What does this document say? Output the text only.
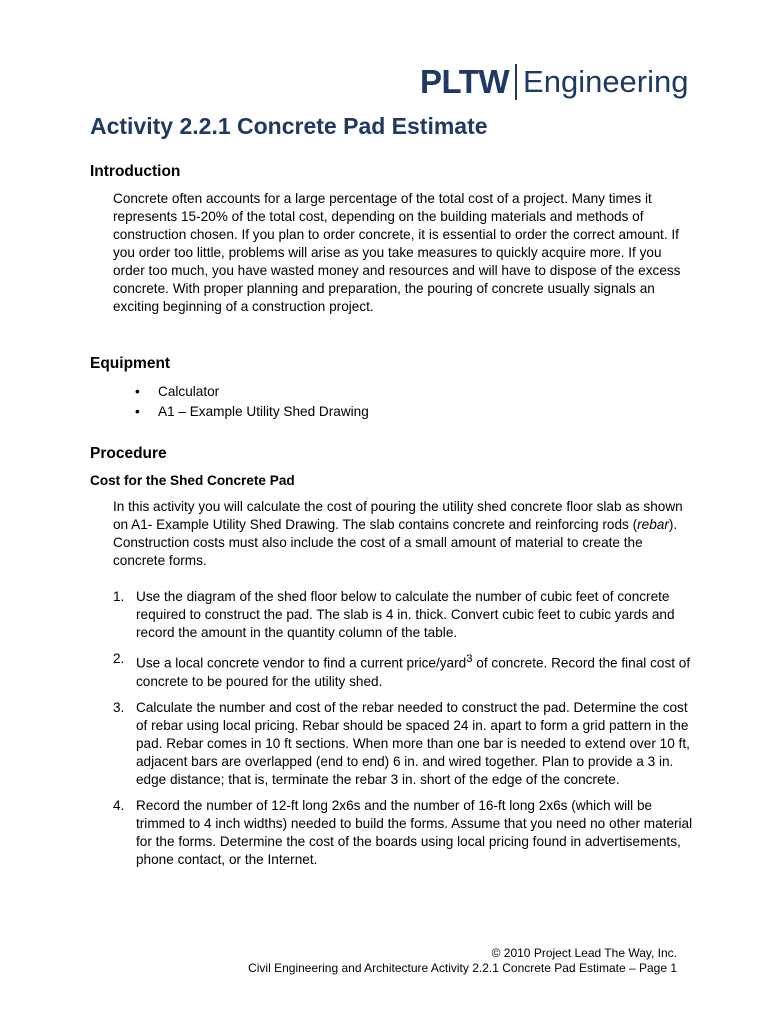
PLTW Engineering
Activity 2.2.1 Concrete Pad Estimate
Introduction

Concrete often accounts for a large percentage of the total cost of a project. Many times it represents 15-20% of the total cost, depending on the building materials and methods of construction chosen. If you plan to order concrete, it is essential to order the correct amount. If you order too little, problems will arise as you take measures to quickly acquire more. If you order too much, you have wasted money and resources and will have to dispose of the excess concrete. With proper planning and preparation, the pouring of concrete usually signals an exciting beginning of a construction project.

Equipment
• Calculator
• A1 – Example Utility Shed Drawing
Procedure
Cost for the Shed Concrete Pad

In this activity you will calculate the cost of pouring the utility shed concrete floor slab as shown on A1- Example Utility Shed Drawing. The slab contains concrete and reinforcing rods (rebar). Construction costs must also include the cost of a small amount of material to create the concrete forms.

1. Use the diagram of the shed floor below to calculate the number of cubic feet of concrete required to construct the pad. The slab is 4 in. thick. Convert cubic feet to cubic yards and record the amount in the quantity column of the table.
2. Use a local concrete vendor to find a current price/yard$^3$ of concrete. Record the final cost of concrete to be poured for the utility shed.
3. Calculate the number and cost of the rebar needed to construct the pad. Determine the cost of rebar using local pricing. Rebar should be spaced 24 in. apart to form a grid pattern in the pad. Rebar comes in 10 ft sections. When more than one bar is needed to extend over 10 ft, adjacent bars are overlapped (end to end) 6 in. and wired together. Plan to provide a 3 in. edge distance; that is, terminate the rebar 3 in. short of the edge of the concrete.
4. Record the number of 12-ft long 2x6s and the number of 16-ft long 2x6s (which will be trimmed to 4 inch widths) needed to build the forms. Assume that you need no other material for the forms. Determine the cost of the boards using local pricing found in advertisements, phone contact, or the Internet.
© 2010 Project Lead The Way, Inc.
Civil Engineering and Architecture Activity 2.2.1 Concrete Pad Estimate – Page 1
